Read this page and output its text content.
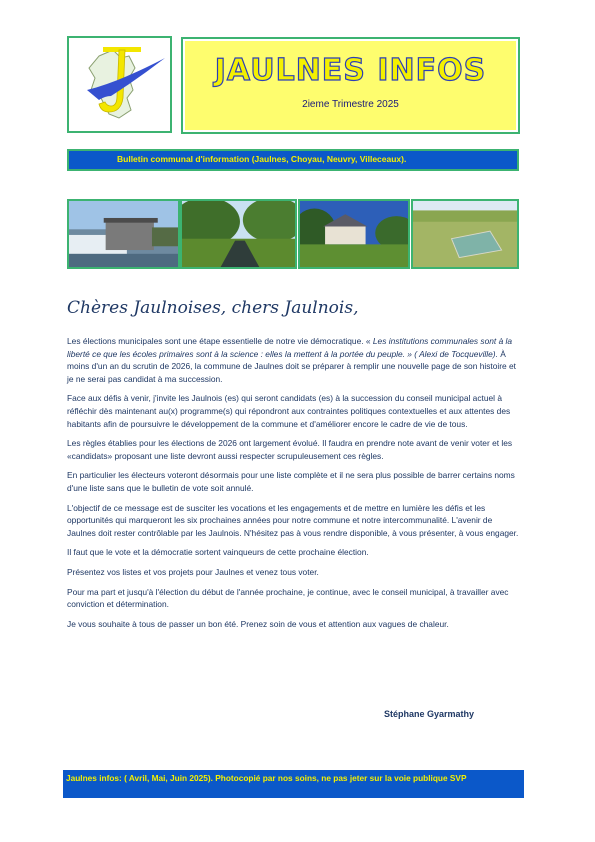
JAULNES INFOS
2ieme Trimestre 2025
Bulletin communal d'information (Jaulnes, Choyau, Neuvry, Villeceaux).
Chères Jaulnoises, chers Jaulnois,

Les élections municipales sont une étape essentielle de notre vie démocratique. « Les institutions communales sont à la liberté ce que les écoles primaires sont à la science : elles la mettent à la portée du peuple. » ( Alexi de Tocqueville). À moins d'un an du scrutin de 2026, la commune de Jaulnes doit se préparer à remplir une nouvelle page de son histoire et je ne serai pas candidat à ma succession.

Face aux défis à venir, j'invite les Jaulnois (es) qui seront candidats (es) à la succession du conseil municipal actuel à réfléchir dès maintenant au(x) programme(s) qui répondront aux contraintes politiques contextuelles et aux attentes des habitants afin de poursuivre le développement de la commune et d'améliorer encore le cadre de vie de tous.

Les règles établies pour les élections de 2026 ont largement évolué. Il faudra en prendre note avant de venir voter et les «candidats» proposant une liste devront aussi respecter scrupuleusement ces règles.

En particulier les électeurs voteront désormais pour une liste complète et il ne sera plus possible de barrer certains noms d'une liste sans que le bulletin de vote soit annulé.

L'objectif de ce message est de susciter les vocations et les engagements et de mettre en lumière les défis et les opportunités qui marqueront les six prochaines années pour notre commune et notre intercommunalité. L'avenir de Jaulnes doit rester contrôlable par les Jaulnois. N'hésitez pas à vous rendre disponible, à vous présenter, à vous engager.

Il faut que le vote et la démocratie sortent vainqueurs de cette prochaine élection.

Présentez vos listes et vos projets pour Jaulnes et venez tous voter.

Pour ma part et jusqu'à l'élection du début de l'année prochaine, je continue, avec le conseil municipal, à travailler avec conviction et détermination.

Je vous souhaite à tous de passer un bon été. Prenez soin de vous et attention aux vagues de chaleur.

Stéphane Gyarmathy
Jaulnes infos: ( Avril, Mai, Juin 2025). Photocopié par nos soins, ne pas jeter sur la voie publique SVP
